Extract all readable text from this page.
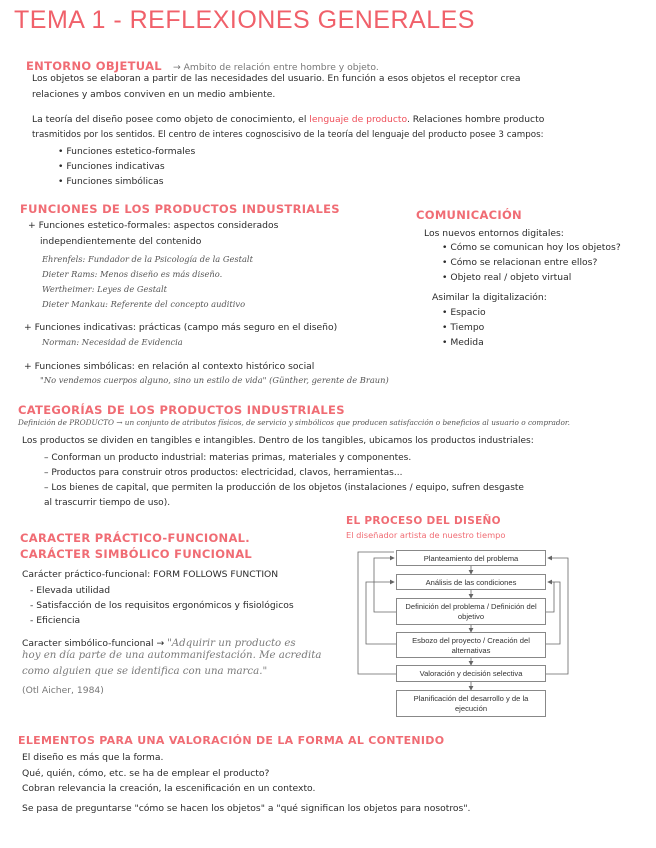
TEMA 1 - REFLEXIONES GENERALES
ENTORNO OBJETUAL → Ambito de relación entre hombre y objeto.
Los objetos se elaboran a partir de las necesidades del usuario. En función a esos objetos el receptor crea
relaciones y ambos conviven en un medio ambiente.
La teoría del diseño posee como objeto de conocimiento, el lenguaje de producto. Relaciones hombre producto
trasmitidos por los sentidos. El centro de interes cognoscisivo de la teoría del lenguaje del producto posee 3 campos:
• Funciones estetico-formales
• Funciones indicativas
• Funciones simbólicas
FUNCIONES DE LOS PRODUCTOS INDUSTRIALES
+ Funciones estetico-formales: aspectos considerados
independientemente del contenido
Ehrenfels: Fundador de la Psicología de la Gestalt
Dieter Rams: Menos diseño es más diseño.
Wertheimer: Leyes de Gestalt
Dieter Mankau: Referente del concepto auditivo
+ Funciones indicativas: prácticas (campo más seguro en el diseño)
Norman: Necesidad de Evidencia
+ Funciones simbólicas: en relación al contexto histórico social
"No vendemos cuerpos alguno, sino un estilo de vida" (Günther, gerente de Braun)
COMUNICACIÓN
Los nuevos entornos digitales:
• Cómo se comunican hoy los objetos?
• Cómo se relacionan entre ellos?
• Objeto real / objeto virtual
Asimilar la digitalización:
• Espacio
• Tiempo
• Medida
CATEGORÍAS DE LOS PRODUCTOS INDUSTRIALES
Definición de PRODUCTO → un conjunto de atributos físicos, de servicio y simbólicos que producen satisfacción o beneficios al usuario o comprador.
Los productos se dividen en tangibles e intangibles. Dentro de los tangibles, ubicamos los productos industriales:
– Conforman un producto industrial: materias primas, materiales y componentes.
– Productos para construir otros productos: electricidad, clavos, herramientas...
– Los bienes de capital, que permiten la producción de los objetos (instalaciones / equipo, sufren desgaste
al trascurrir tiempo de uso).
CARACTER PRÁCTICO-FUNCIONAL.
CARÁCTER SIMBÓLICO FUNCIONAL
Carácter práctico-funcional: FORM FOLLOWS FUNCTION
- Elevada utilidad
- Satisfacción de los requisitos ergonómicos y fisiológicos
- Eficiencia
Caracter simbólico-funcional → "Adquirir un producto es
hoy en día parte de una autommanifestación. Me acredita
como alguien que se identifica con una marca."
(Otl Aicher, 1984)
EL PROCESO DEL DISEÑO
El diseñador artista de nuestro tiempo
Planteamiento del problema
Análisis de las condiciones
Definición del problema / Definición del objetivo
Esbozo del proyecto / Creación del alternativas
Valoración y decisión selectiva
Planificación del desarrollo y de la ejecución
ELEMENTOS PARA UNA VALORACIÓN DE LA FORMA AL CONTENIDO
El diseño es más que la forma.
Qué, quién, cómo, etc. se ha de emplear el producto?
Cobran relevancia la creación, la escenificación en un contexto.
Se pasa de preguntarse "cómo se hacen los objetos" a "qué significan los objetos para nosotros".
